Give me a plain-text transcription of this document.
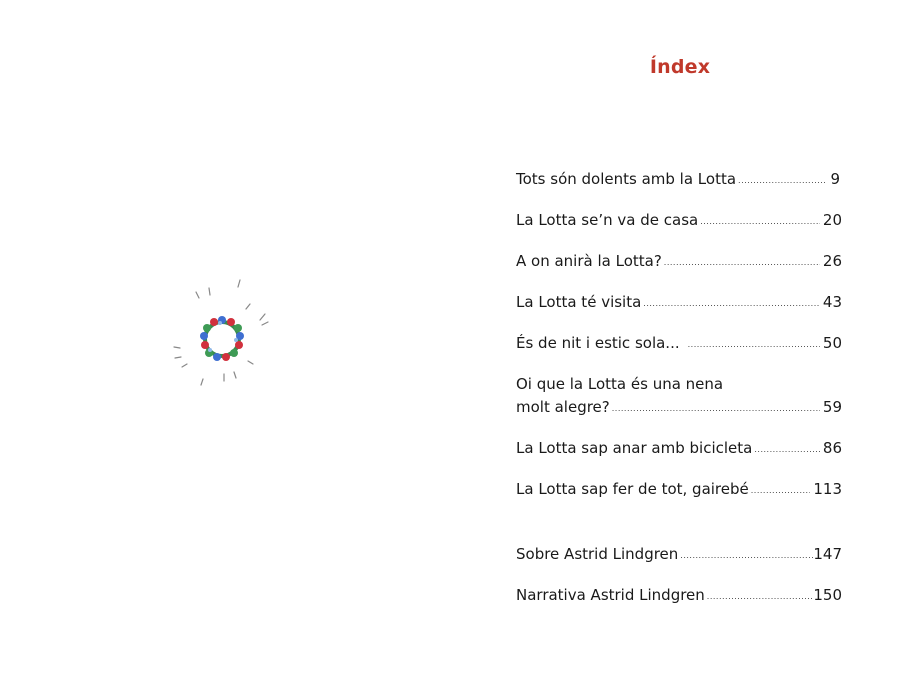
Índex
Tots són dolents amb la Lotta .....	9
La Lotta se’n va de casa .....	20
A on anirà la Lotta? .....	26
La Lotta té visita .....	43
És de nit i estic sola... .....	50
Oi que la Lotta és una nena
molt alegre? .....	59
La Lotta sap anar amb bicicleta .....	86
La Lotta sap fer de tot, gairebé .....	113
Sobre Astrid Lindgren .....	147
Narrativa Astrid Lindgren .....	150
